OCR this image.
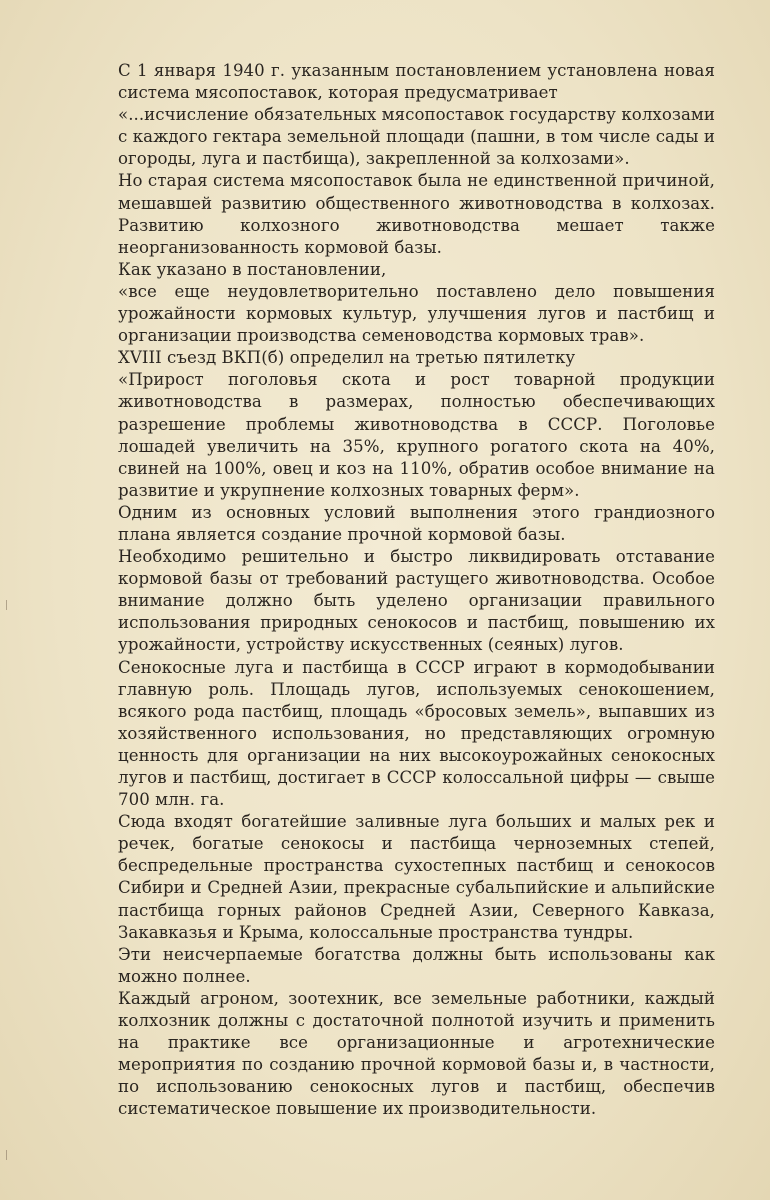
С 1 января 1940 г. указанным постановлением установлена новая система мясопоставок, которая предусматривает

«...исчисление обязательных мясопоставок государству колхозами с каждого гектара земельной площади (пашни, в том числе сады и огороды, луга и пастбища), закрепленной за колхозами».

Но старая система мясопоставок была не единственной причиной, мешавшей развитию общественного животноводства в колхозах. Развитию колхозного животноводства мешает также неорганизованность кормовой базы.

Как указано в постановлении,

«все еще неудовлетворительно поставлено дело повышения урожайности кормовых культур, улучшения лугов и пастбищ и организации производства семеноводства кормовых трав».

XVIII съезд ВКП(б) определил на третью пятилетку

«Прирост поголовья скота и рост товарной продукции животноводства в размерах, полностью обеспечивающих разрешение проблемы животноводства в СССР. Поголовье лошадей увеличить на 35%, крупного рогатого скота на 40%, свиней на 100%, овец и коз на 110%, обратив особое внимание на развитие и укрупнение колхозных товарных ферм».

Одним из основных условий выполнения этого грандиозного плана является создание прочной кормовой базы.

Необходимо решительно и быстро ликвидировать отставание кормовой базы от требований растущего животноводства. Особое внимание должно быть уделено организации правильного использования природных сенокосов и пастбищ, повышению их урожайности, устройству искусственных (сеяных) лугов.

Сенокосные луга и пастбища в СССР играют в кормодобывании главную роль. Площадь лугов, используемых сенокошением, всякого рода пастбищ, площадь «бросовых земель», выпавших из хозяйственного использования, но представляющих огромную ценность для организации на них высокоурожайных сенокосных лугов и пастбищ, достигает в СССР колоссальной цифры — свыше 700 млн. га.

Сюда входят богатейшие заливные луга больших и малых рек и речек, богатые сенокосы и пастбища черноземных степей, беспредельные пространства сухостепных пастбищ и сенокосов Сибири и Средней Азии, прекрасные субальпийские и альпийские пастбища горных районов Средней Азии, Северного Кавказа, Закавказья и Крыма, колоссальные пространства тундры.

Эти неисчерпаемые богатства должны быть использованы как можно полнее.

Каждый агроном, зоотехник, все земельные работники, каждый колхозник должны с достаточной полнотой изучить и применить на практике все организационные и агротехнические мероприятия по созданию прочной кормовой базы и, в частности, по использованию сенокосных лугов и пастбищ, обеспечив систематическое повышение их производительности.
